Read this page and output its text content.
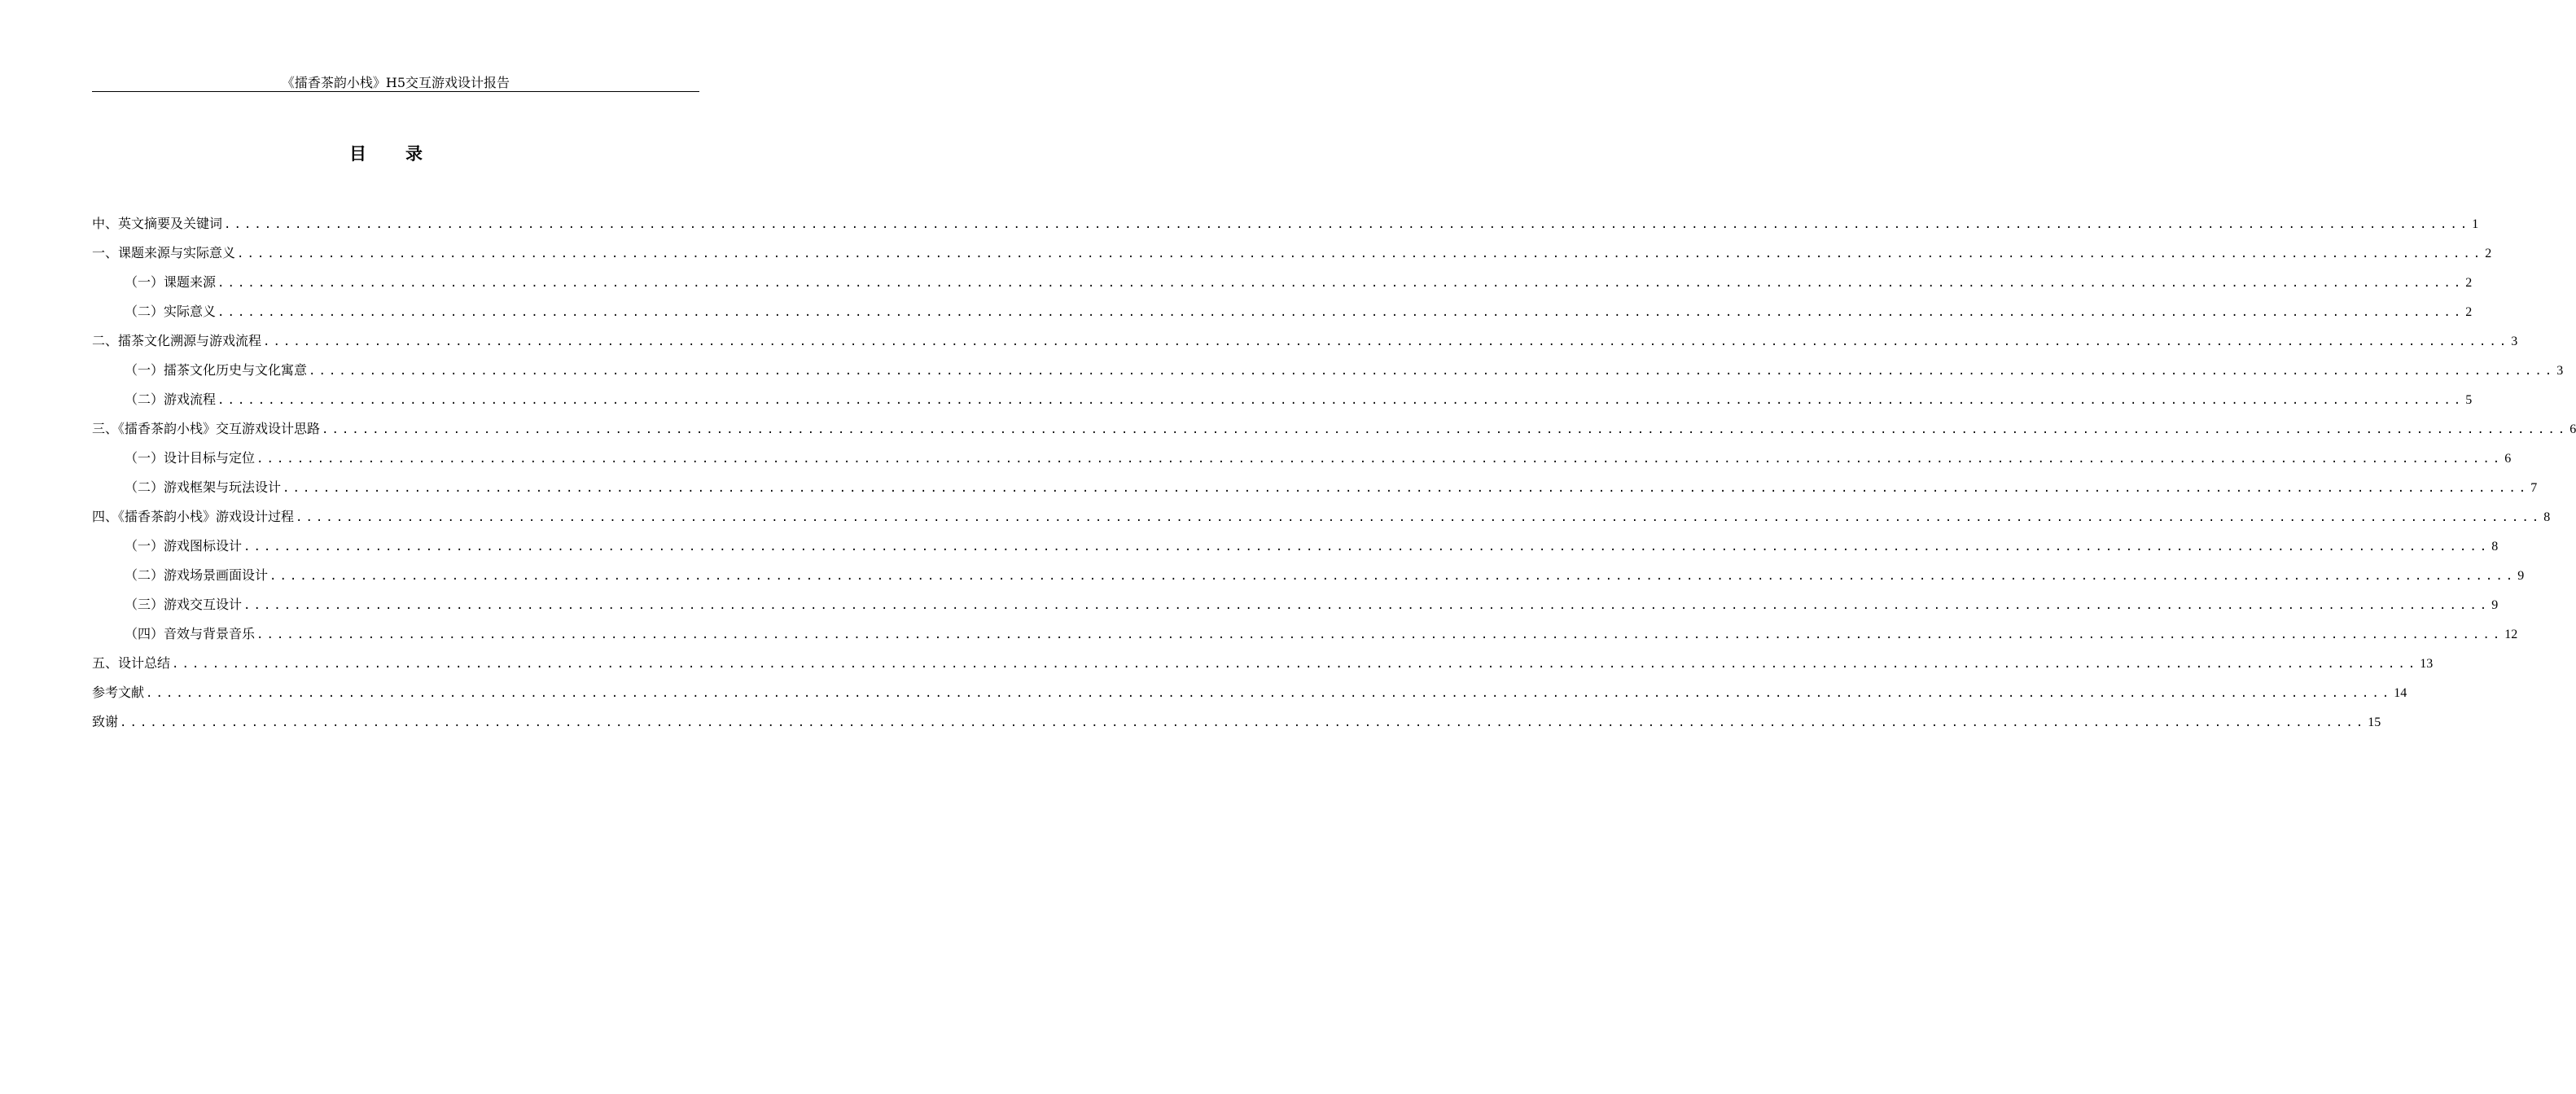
《擂香茶韵小栈》H5交互游戏设计报告
目 录
中、英文摘要及关键词 .............................................................................................................................................................................................................................. 1
一、课题来源与实际意义 .............................................................................................................................................................................................................................. 2
（一）课题来源 .............................................................................................................................................................................................................................. 2
（二）实际意义 .............................................................................................................................................................................................................................. 2
二、擂茶文化溯源与游戏流程 .............................................................................................................................................................................................................................. 3
（一）擂茶文化历史与文化寓意 .............................................................................................................................................................................................................................. 3
（二）游戏流程 .............................................................................................................................................................................................................................. 5
三、《擂香茶韵小栈》交互游戏设计思路 .............................................................................................................................................................................................................................. 6
（一）设计目标与定位 .............................................................................................................................................................................................................................. 6
（二）游戏框架与玩法设计 .............................................................................................................................................................................................................................. 7
四、《擂香茶韵小栈》游戏设计过程 .............................................................................................................................................................................................................................. 8
（一）游戏图标设计 .............................................................................................................................................................................................................................. 8
（二）游戏场景画面设计 .............................................................................................................................................................................................................................. 9
（三）游戏交互设计 .............................................................................................................................................................................................................................. 9
（四）音效与背景音乐 .............................................................................................................................................................................................................................. 12
五、设计总结 .............................................................................................................................................................................................................................. 13
参考文献 .............................................................................................................................................................................................................................. 14
致谢 .............................................................................................................................................................................................................................. 15
